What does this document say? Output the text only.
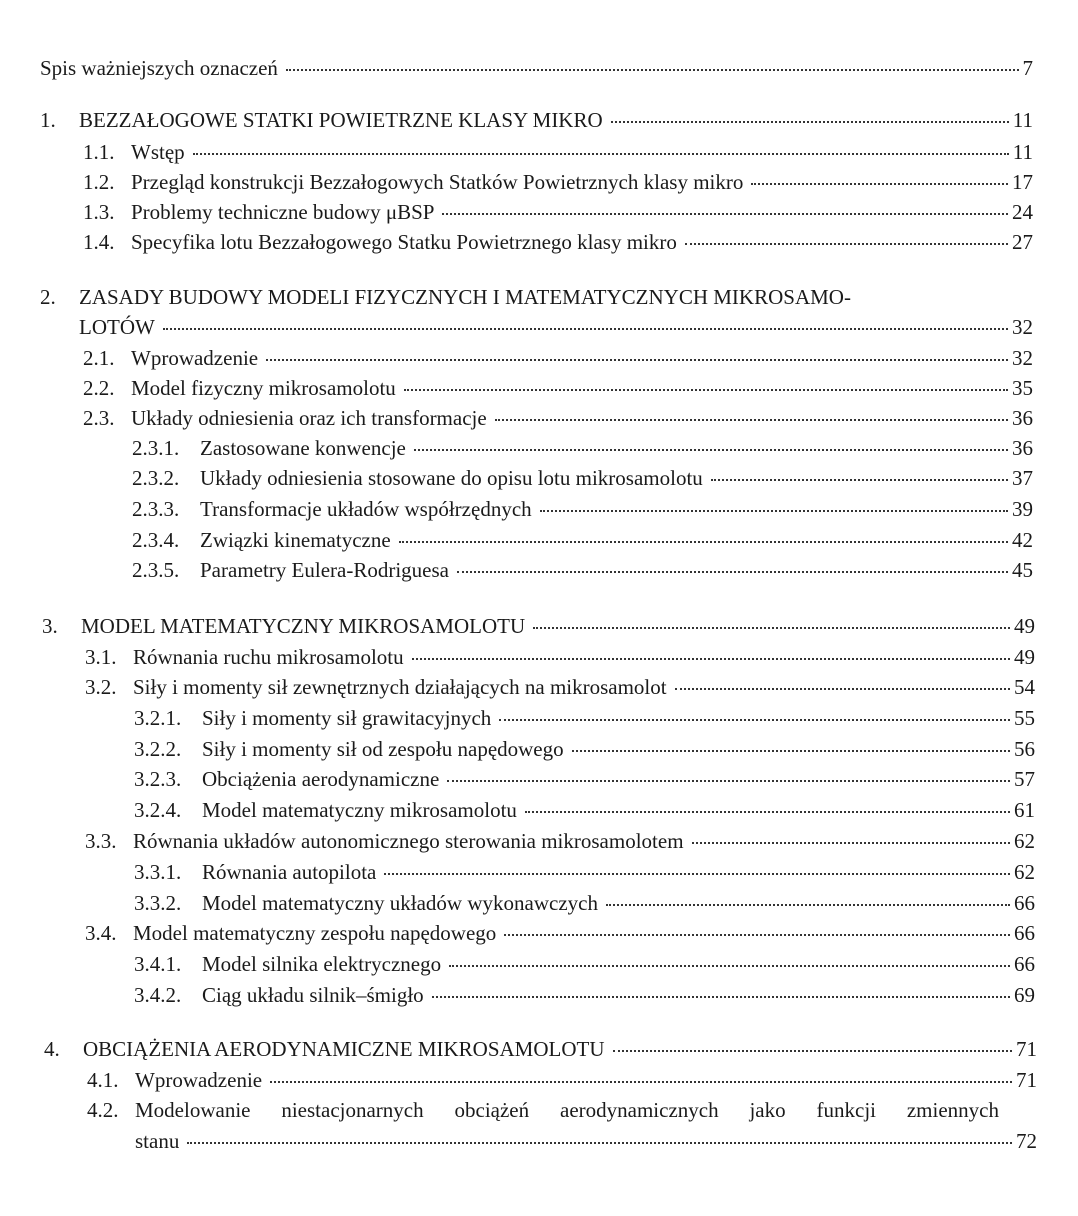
Spis ważniejszych oznaczeń	7
1.	BEZZAŁOGOWE STATKI POWIETRZNE KLASY MIKRO	11
1.1. Wstęp	11
1.2. Przegląd konstrukcji Bezzałogowych Statków Powietrznych klasy mikro	17
1.3. Problemy techniczne budowy μBSP	24
1.4. Specyfika lotu Bezzałogowego Statku Powietrznego klasy mikro	27
2. ZASADY BUDOWY MODELI FIZYCZNYCH I MATEMATYCZNYCH MIKROSAMO-
LOTÓW	32
2.1. Wprowadzenie	32
2.2. Model fizyczny mikrosamolotu	35
2.3. Układy odniesienia oraz ich transformacje	36
2.3.1. Zastosowane konwencje	36
2.3.2. Układy odniesienia stosowane do opisu lotu mikrosamolotu	37
2.3.3. Transformacje układów współrzędnych	39
2.3.4. Związki kinematyczne	42
2.3.5. Parametry Eulera-Rodriguesa	45
3.	MODEL MATEMATYCZNY MIKROSAMOLOTU	49
3.1. Równania ruchu mikrosamolotu	49
3.2. Siły i momenty sił zewnętrznych działających na mikrosamolot	54
3.2.1. Siły i momenty sił grawitacyjnych	55
3.2.2. Siły i momenty sił od zespołu napędowego	56
3.2.3. Obciążenia aerodynamiczne	57
3.2.4. Model matematyczny mikrosamolotu	61
3.3. Równania układów autonomicznego sterowania mikrosamolotem	62
3.3.1. Równania autopilota	62
3.3.2. Model matematyczny układów wykonawczych	66
3.4. Model matematyczny zespołu napędowego	66
3.4.1. Model silnika elektrycznego	66
3.4.2. Ciąg układu silnik–śmigło	69
4.	OBCIĄŻENIA AERODYNAMICZNE MIKROSAMOLOTU	71
4.1. Wprowadzenie	71
4.2. Modelowanie niestacjonarnych obciążeń aerodynamicznych jako funkcji zmiennych
stanu	72
